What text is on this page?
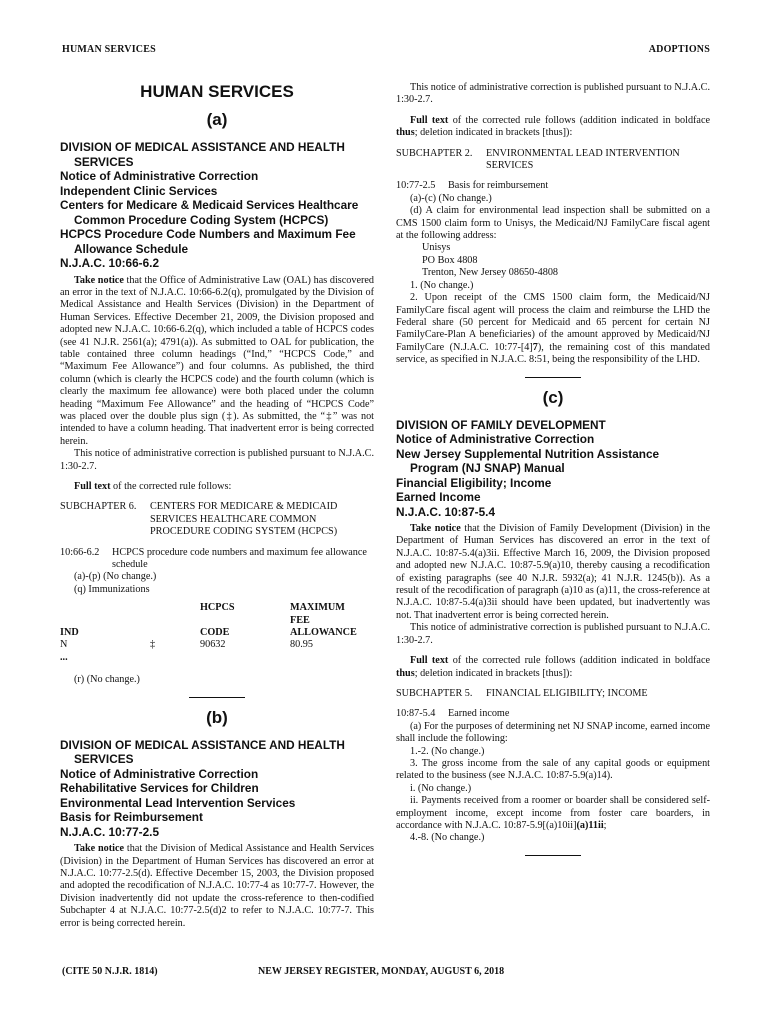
HUMAN SERVICES	ADOPTIONS
HUMAN SERVICES
(a)
DIVISION OF MEDICAL ASSISTANCE AND HEALTH SERVICES
Notice of Administrative Correction
Independent Clinic Services
Centers for Medicare & Medicaid Services Healthcare Common Procedure Coding System (HCPCS)
HCPCS Procedure Code Numbers and Maximum Fee Allowance Schedule
N.J.A.C. 10:66-6.2

Take notice that the Office of Administrative Law (OAL) has discovered an error in the text of N.J.A.C. 10:66-6.2(q), promulgated by the Division of Medical Assistance and Health Services (Division) in the Department of Human Services. Effective December 21, 2009, the Division proposed and adopted new N.J.A.C. 10:66-6.2(q), which included a table of HCPCS codes (see 41 N.J.R. 2561(a); 4791(a)). As submitted to OAL for publication, the table contained three column headings (“Ind,” “HCPCS Code,” and “Maximum Fee Allowance”) and four columns. As published, the third column (which is clearly the HCPCS code) and the fourth column (which is clearly the maximum fee allowance) were both placed under the column heading “Maximum Fee Allowance” and the heading of “HCPCS Code” was placed over the double plus sign (‡). As submitted, the “‡” was not intended to have a column heading. That inadvertent error is being corrected herein.

This notice of administrative correction is published pursuant to N.J.A.C. 1:30-2.7.

Full text of the corrected rule follows:

SUBCHAPTER 6.	CENTERS FOR MEDICARE & MEDICAID SERVICES HEALTHCARE COMMON PROCEDURE CODING SYSTEM (HCPCS)
10:66-6.2	HCPCS procedure code numbers and maximum fee allowance schedule
(a)-(p) (No change.)
(q) Immunizations
		HCPCS	MAXIMUM FEE
IND		CODE	ALLOWANCE
N	‡	90632	80.95
...			
(r) (No change.)
(b)
DIVISION OF MEDICAL ASSISTANCE AND HEALTH SERVICES
Notice of Administrative Correction
Rehabilitative Services for Children
Environmental Lead Intervention Services
Basis for Reimbursement
N.J.A.C. 10:77-2.5

Take notice that the Division of Medical Assistance and Health Services (Division) in the Department of Human Services has discovered an error at N.J.A.C. 10:77-2.5(d). Effective December 15, 2003, the Division proposed and adopted the recodification of N.J.A.C. 10:77-4 as 10:77-7. However, the Division inadvertently did not update the cross-reference to then-codified Subchapter 4 at N.J.A.C. 10:77-2.5(d)2 to refer to N.J.A.C. 10:77-7. This error is being corrected herein.

This notice of administrative correction is published pursuant to N.J.A.C. 1:30-2.7.

Full text of the corrected rule follows (addition indicated in boldface thus; deletion indicated in brackets [thus]):

SUBCHAPTER 2.	ENVIRONMENTAL LEAD INTERVENTION SERVICES
10:77-2.5	Basis for reimbursement
(a)-(c) (No change.)

(d) A claim for environmental lead inspection shall be submitted on a CMS 1500 claim form to Unisys, the Medicaid/NJ FamilyCare fiscal agent at the following address:

Unisys
PO Box 4808
Trenton, New Jersey 08650-4808
1. (No change.)

2. Upon receipt of the CMS 1500 claim form, the Medicaid/NJ FamilyCare fiscal agent will process the claim and reimburse the LHD the Federal share (50 percent for Medicaid and 65 percent for certain NJ FamilyCare-Plan A beneficiaries) of the amount approved by Medicaid/NJ FamilyCare (N.J.A.C. 10:77-[4]7), the remaining cost of this mandated service, as specified in N.J.A.C. 8:51, being the responsibility of the LHD.

(c)
DIVISION OF FAMILY DEVELOPMENT
Notice of Administrative Correction
New Jersey Supplemental Nutrition Assistance Program (NJ SNAP) Manual
Financial Eligibility; Income
Earned Income
N.J.A.C. 10:87-5.4

Take notice that the Division of Family Development (Division) in the Department of Human Services has discovered an error in the text of N.J.A.C. 10:87-5.4(a)3ii. Effective March 16, 2009, the Division proposed and adopted new N.J.A.C. 10:87-5.9(a)10, thereby causing a recodification of existing paragraphs (see 40 N.J.R. 5932(a); 41 N.J.R. 1245(b)). As a result of the recodification of paragraph (a)10 as (a)11, the cross-reference at N.J.A.C. 10:87-5.4(a)3ii should have been updated, but inadvertently was not. That inadvertent error is being corrected herein.

This notice of administrative correction is published pursuant to N.J.A.C. 1:30-2.7.

Full text of the corrected rule follows (addition indicated in boldface thus; deletion indicated in brackets [thus]):

SUBCHAPTER 5.	FINANCIAL ELIGIBILITY; INCOME
10:87-5.4	Earned income

(a) For the purposes of determining net NJ SNAP income, earned income shall include the following:

1.-2. (No change.)

3. The gross income from the sale of any capital goods or equipment related to the business (see N.J.A.C. 10:87-5.9(a)14).

i. (No change.)

ii. Payments received from a roomer or boarder shall be considered self-employment income, except income from foster care boarders, in accordance with N.J.A.C. 10:87-5.9[(a)10ii](a)11ii;

4.-8. (No change.)
(CITE 50 N.J.R. 1814)	NEW JERSEY REGISTER, MONDAY, AUGUST 6, 2018
